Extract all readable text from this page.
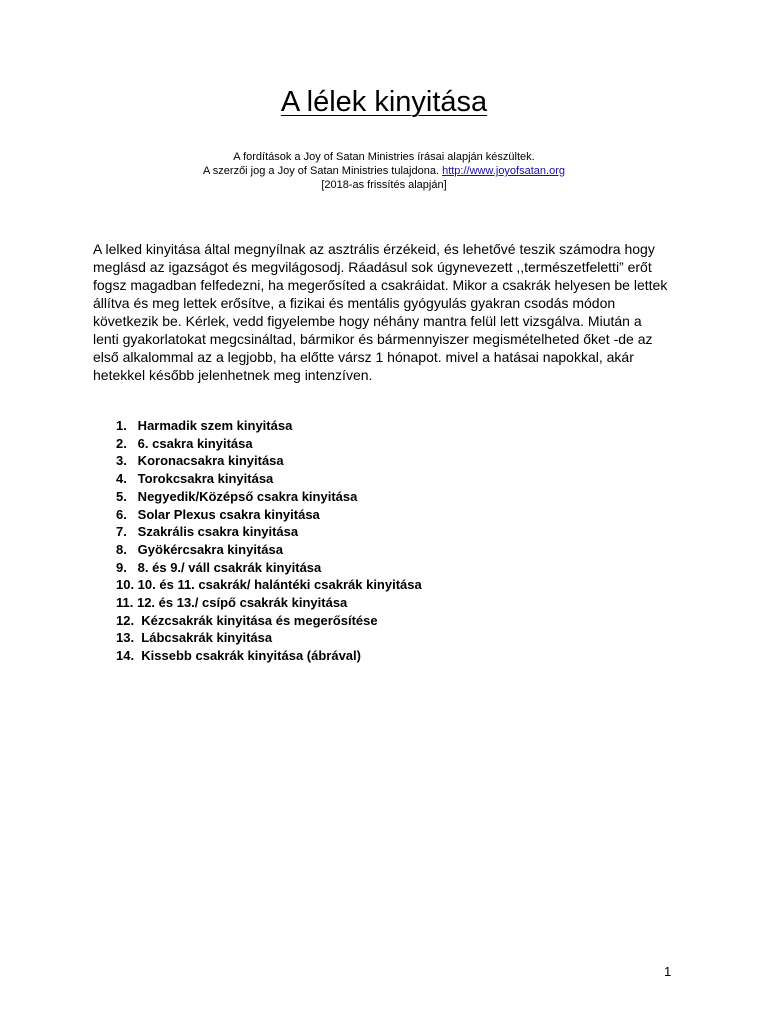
A lélek kinyitása
A fordítások a Joy of Satan Ministries írásai alapján készültek.
A szerzői jog a Joy of Satan Ministries tulajdona. http://www.joyofsatan.org
[2018-as frissítés alapján]
A lelked kinyitása által megnyílnak az asztrális érzékeid, és lehetővé teszik számodra hogy
meglásd az igazságot és megvilágosodj. Ráadásul sok úgynevezett ,,természetfeletti” erőt
fogsz magadban felfedezni, ha megerősíted a csakráidat. Mikor a csakrák helyesen be lettek
állítva és meg lettek erősítve, a fizikai és mentális gyógyulás gyakran csodás módon
következik be. Kérlek, vedd figyelembe hogy néhány mantra felül lett vizsgálva. Miután a
lenti gyakorlatokat megcsináltad, bármikor és bármennyiszer megismételheted őket -de az
első alkalommal az a legjobb, ha előtte vársz 1 hónapot. mivel a hatásai napokkal, akár
hetekkel később jelenhetnek meg intenzíven.
1.   Harmadik szem kinyitása
2.   6. csakra kinyitása
3.   Koronacsakra kinyitása
4.   Torokcsakra kinyitása
5.   Negyedik/Középső csakra kinyitása
6.   Solar Plexus csakra kinyitása
7.   Szakrális csakra kinyitása
8.   Gyökércsakra kinyitása
9.   8. és 9./ váll csakrák kinyitása
10. 10. és 11. csakrák/ halántéki csakrák kinyitása
11. 12. és 13./ csípő csakrák kinyitása
12.  Kézcsakrák kinyitása és megerősítése
13.  Lábcsakrák kinyitása
14.  Kissebb csakrák kinyitása (ábrával)
1
